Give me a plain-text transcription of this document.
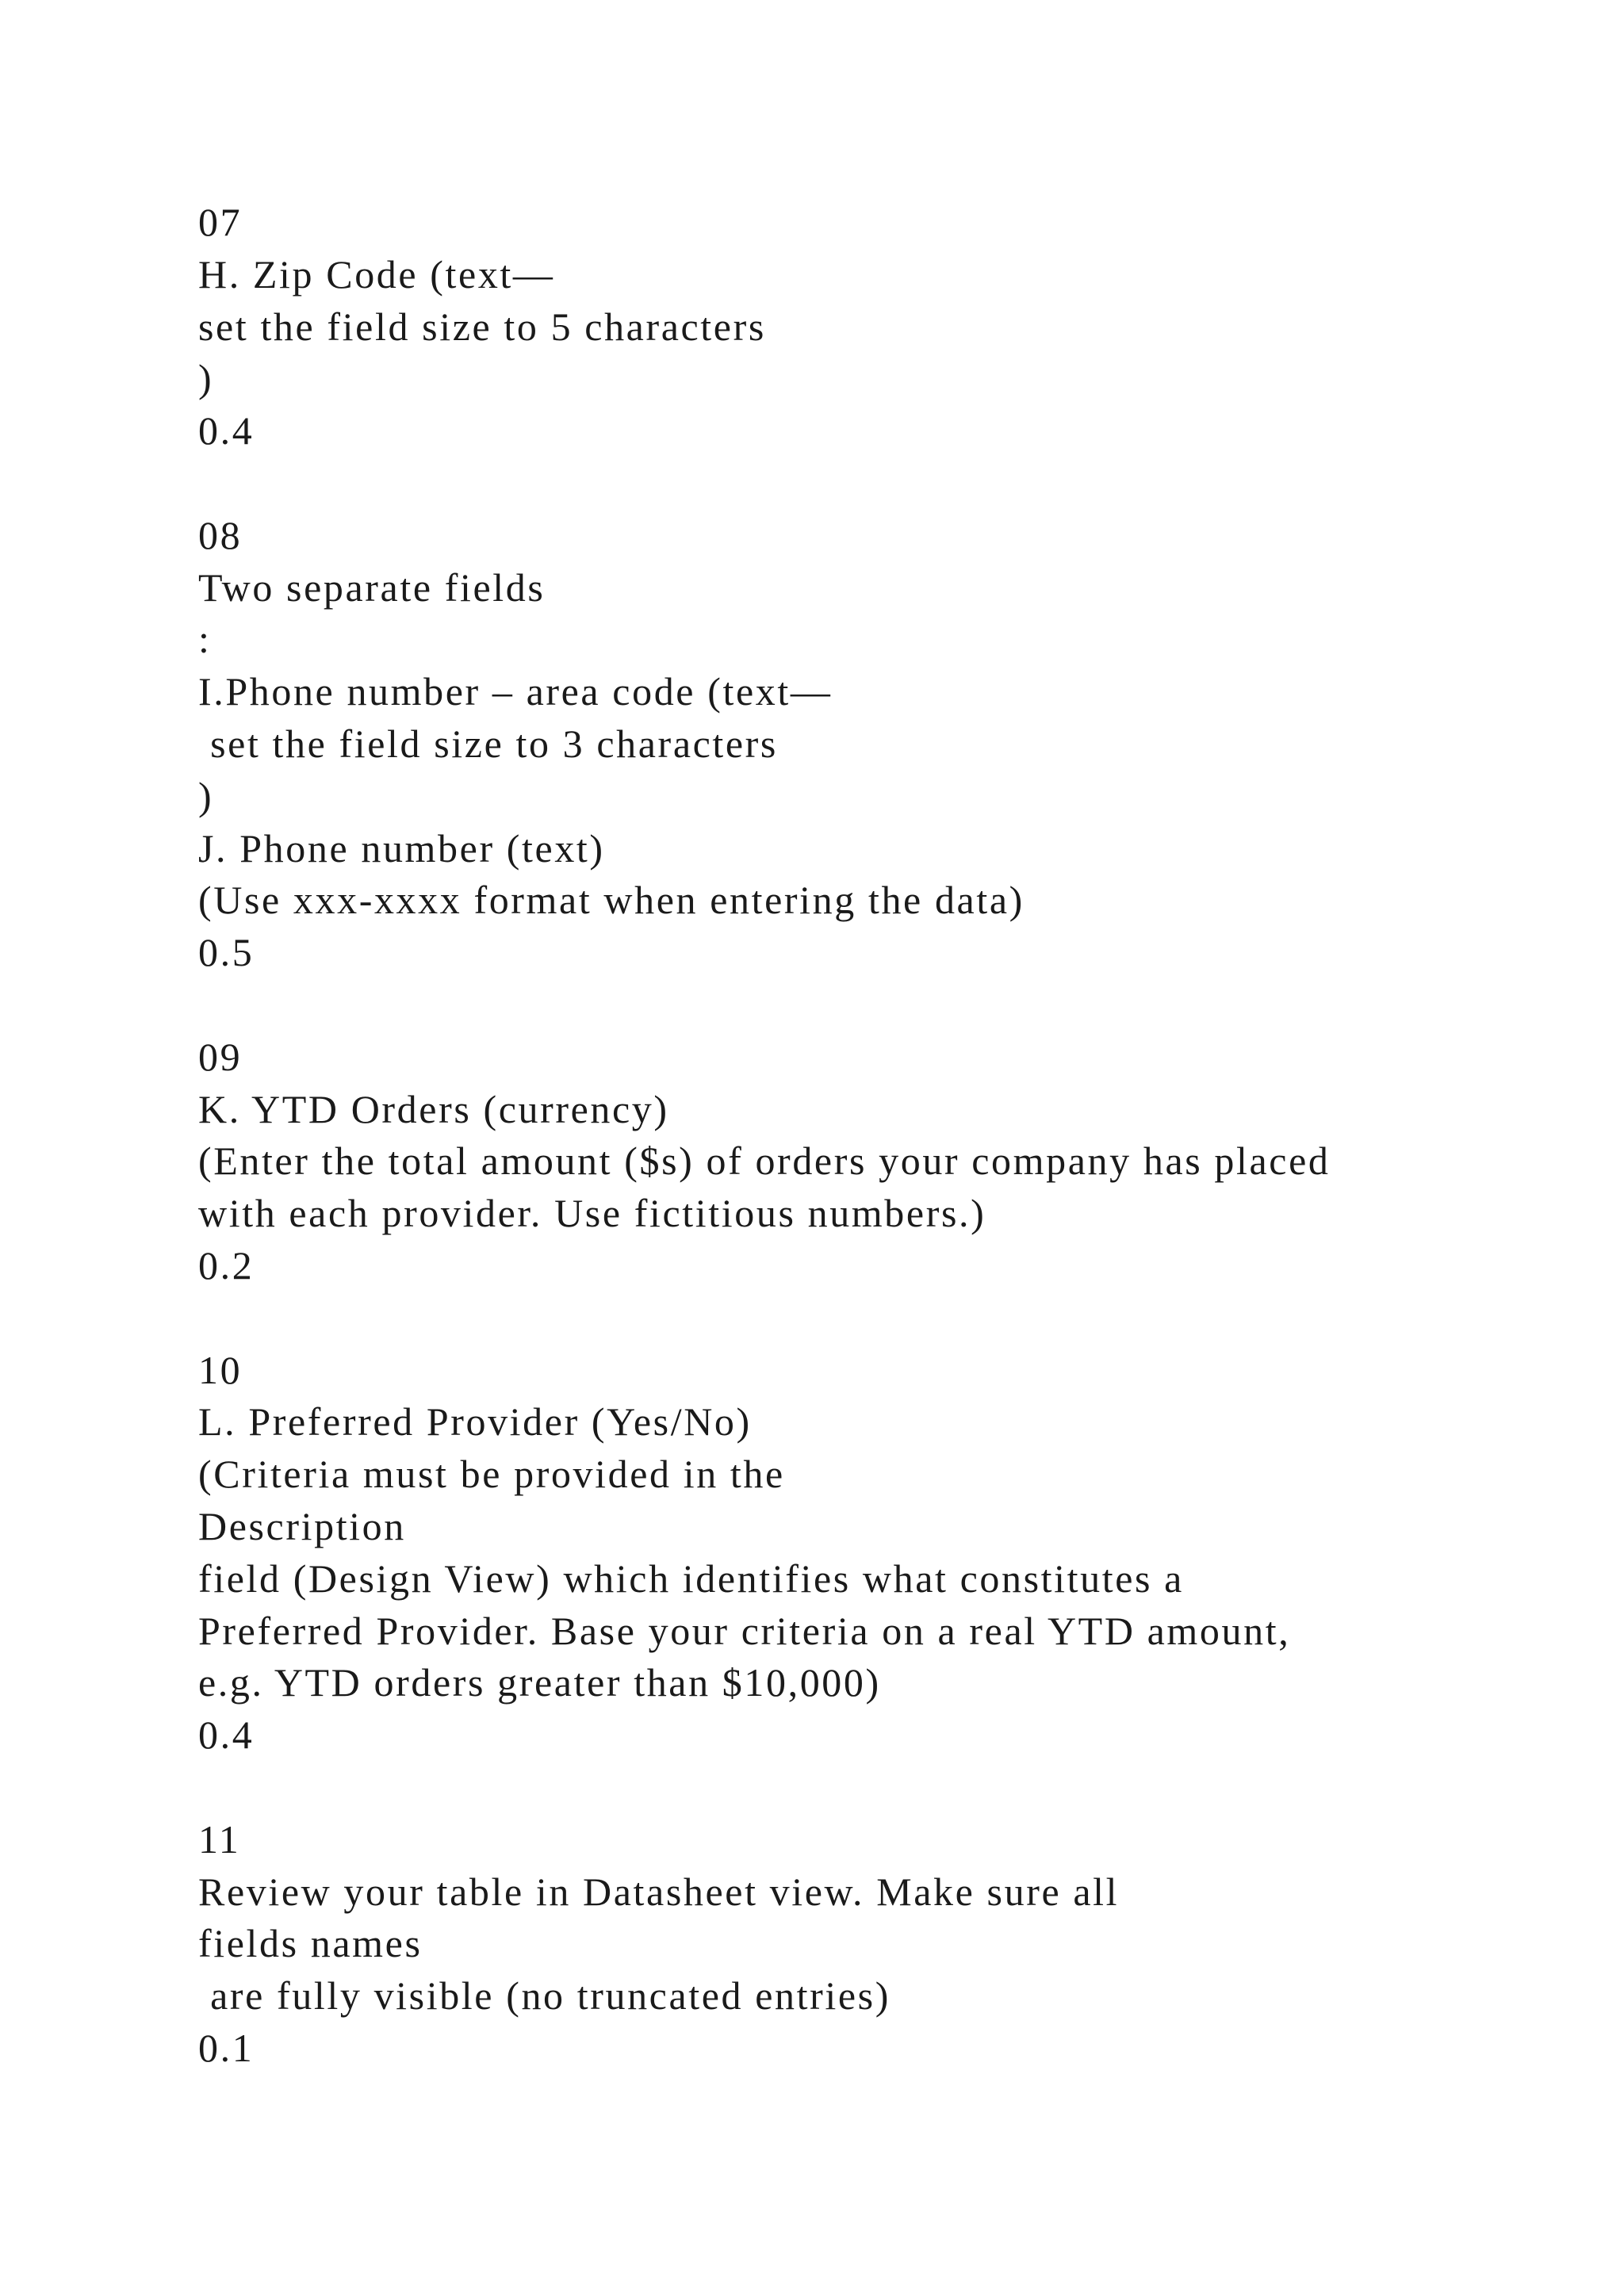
07
H. Zip Code (text—
set the field size to 5 characters
)
0.4
08
Two separate fields
:
I.Phone number – area code (text—
set the field size to 3 characters
)
J. Phone number (text)
(Use xxx-xxxx format when entering the data)
0.5
09
K. YTD Orders (currency)
(Enter the total amount ($s) of orders your company has placed
with each provider. Use fictitious numbers.)
0.2
10
L. Preferred Provider (Yes/No)
(Criteria must be provided in the
Description
field (Design View) which identifies what constitutes a
Preferred Provider. Base your criteria on a real YTD amount,
e.g. YTD orders greater than $10,000)
0.4
11
Review your table in Datasheet view. Make sure all
fields names
are fully visible (no truncated entries)
0.1
